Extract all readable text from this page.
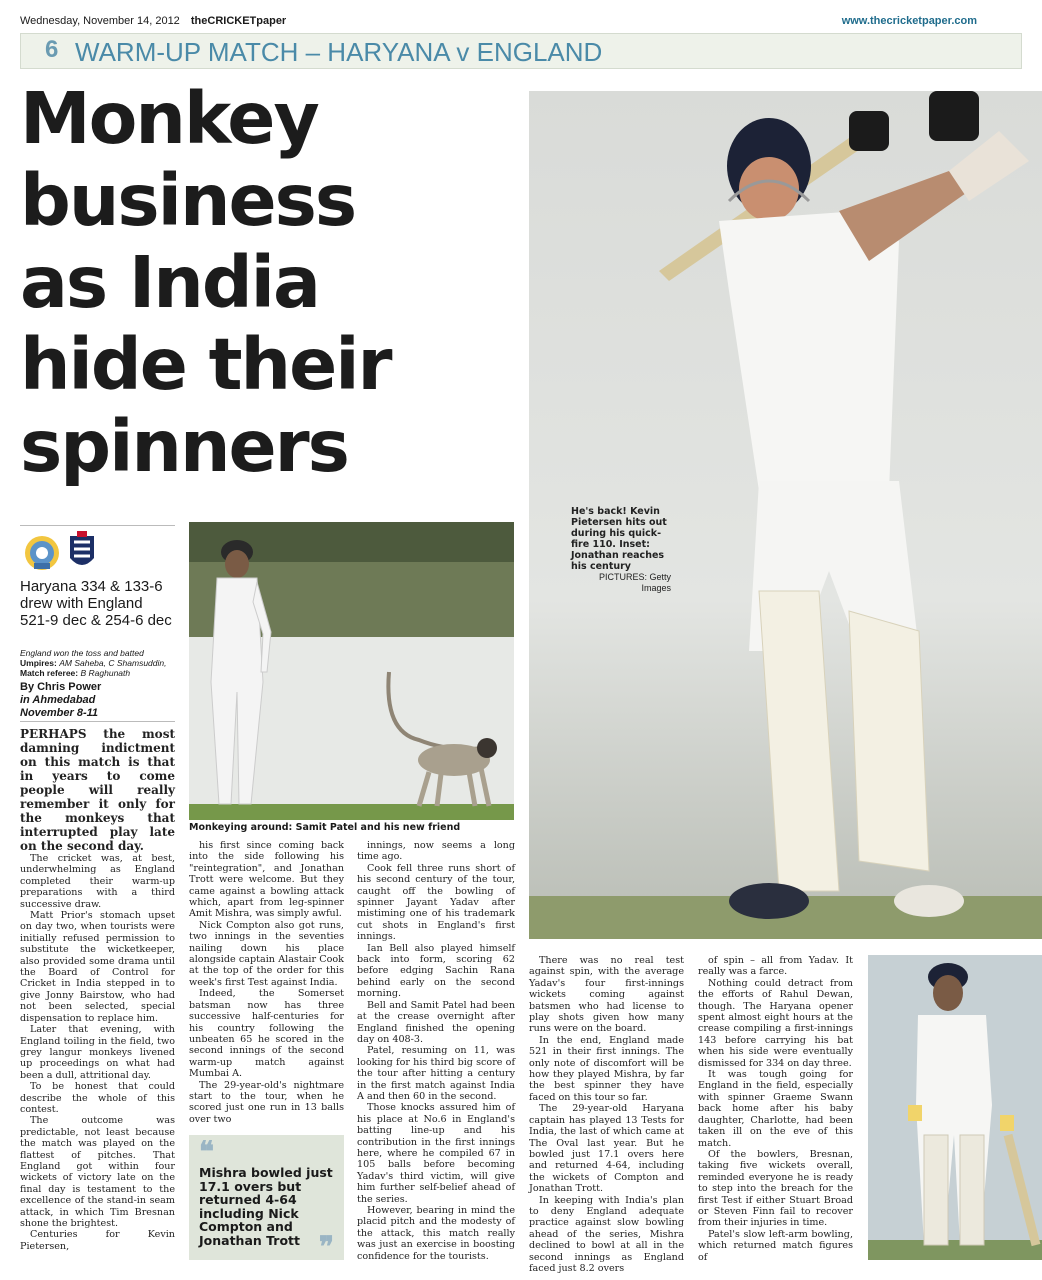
Wednesday, November 14, 2012 theCRICKETpaper	www.thecricketpaper.com
6 WARM-UP MATCH – HARYANA v ENGLAND
Monkey
business
as India
hide their
spinners
Haryana 334 & 133-6 drew with England 521-9 dec & 254-6 dec
England won the toss and batted
Umpires: AM Saheba, C Shamsuddin,
Match referee: B Raghunath
By Chris Power
in Ahmedabad
November 8-11

PERHAPS the most damning indictment on this match is that in years to come people will really remember it only for the monkeys that interrupted play late on the second day.

The cricket was, at best, underwhelming as England completed their warm-up preparations with a third successive draw.

Matt Prior's stomach upset on day two, when tourists were initially refused permission to substitute the wicketkeeper, also provided some drama until the Board of Control for Cricket in India stepped in to give Jonny Bairstow, who had not been selected, special dispensation to replace him.

Later that evening, with England toiling in the field, two grey langur monkeys livened up proceedings on what had been a dull, attritional day.

To be honest that could describe the whole of this contest.

The outcome was predictable, not least because the match was played on the flattest of pitches. That England got within four wickets of victory late on the final day is testament to the excellence of the stand-in seam attack, in which Tim Bresnan shone the brightest.

Centuries for Kevin Pietersen,

Monkeying around: Samit Patel and his new friend

his first since coming back into the side following his "reintegration", and Jonathan Trott were welcome. But they came against a bowling attack which, apart from leg-spinner Amit Mishra, was simply awful.

Nick Compton also got runs, two innings in the seventies nailing down his place alongside captain Alastair Cook at the top of the order for this week's first Test against India.

Indeed, the Somerset batsman now has three successive half-centuries for his country following the unbeaten 65 he scored in the second innings of the second warm-up match against Mumbai A.

The 29-year-old's nightmare start to the tour, when he scored just one run in 13 balls over two

❝
Mishra bowled just 17.1 overs but returned 4-64 including Nick Compton and Jonathan Trott ❞

innings, now seems a long time ago.

Cook fell three runs short of his second century of the tour, caught off the bowling of spinner Jayant Yadav after mistiming one of his trademark cut shots in England's first innings.

Ian Bell also played himself back into form, scoring 62 before edging Sachin Rana behind early on the second morning.

Bell and Samit Patel had been at the crease overnight after England finished the opening day on 408-3.

Patel, resuming on 11, was looking for his third big score of the tour after hitting a century in the first match against India A and then 60 in the second.

Those knocks assured him of his place at No.6 in England's batting line-up and his contribution in the first innings here, where he compiled 67 in 105 balls before becoming Yadav's third victim, will give him further self-belief ahead of the series.

However, bearing in mind the placid pitch and the modesty of the attack, this match really was just an exercise in boosting confidence for the tourists.

He's back! Kevin Pietersen hits out during his quick-fire 110. Inset: Jonathan reaches his century
PICTURES: Getty Images

There was no real test against spin, with the average Yadav's four first-innings wickets coming against batsmen who had license to play shots given how many runs were on the board.

In the end, England made 521 in their first innings. The only note of discomfort will be how they played Mishra, by far the best spinner they have faced on this tour so far.

The 29-year-old Haryana captain has played 13 Tests for India, the last of which came at The Oval last year. But he bowled just 17.1 overs here and returned 4-64, including the wickets of Compton and Jonathan Trott.

In keeping with India's plan to deny England adequate practice against slow bowling ahead of the series, Mishra declined to bowl at all in the second innings as England faced just 8.2 overs

of spin – all from Yadav. It really was a farce.

Nothing could detract from the efforts of Rahul Dewan, though. The Haryana opener spent almost eight hours at the crease compiling a first-innings 143 before carrying his bat when his side were eventually dismissed for 334 on day three.

It was tough going for England in the field, especially with spinner Graeme Swann back home after his baby daughter, Charlotte, had been taken ill on the eve of this match.

Of the bowlers, Bresnan, taking five wickets overall, reminded everyone he is ready to step into the breach for the first Test if either Stuart Broad or Steven Finn fail to recover from their injuries in time.

Patel's slow left-arm bowling, which returned match figures of
